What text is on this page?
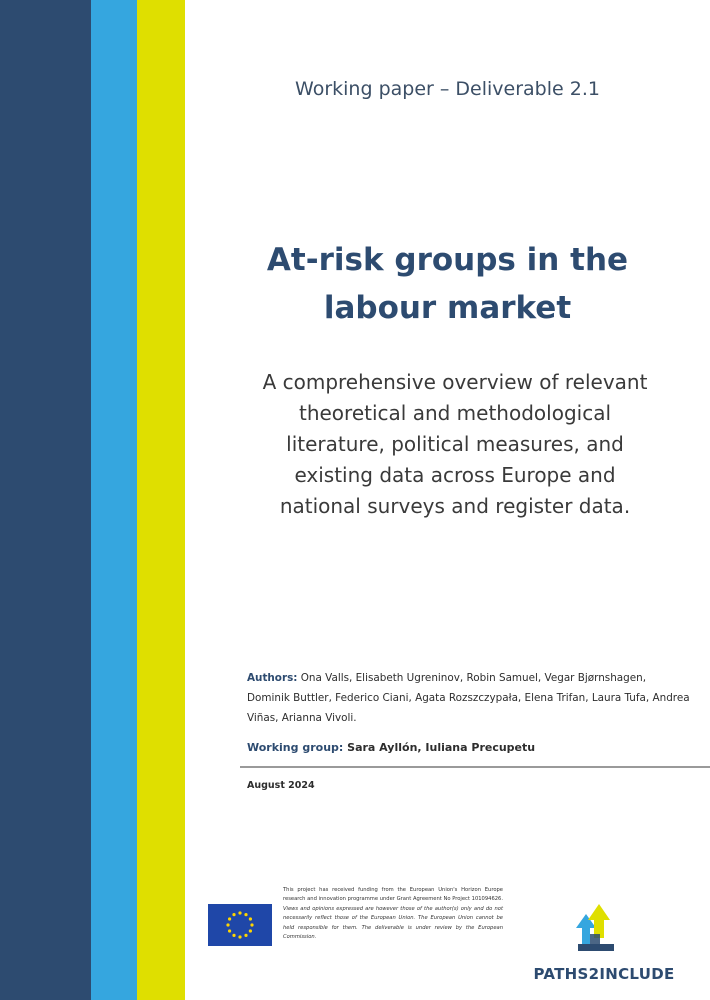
Working paper – Deliverable 2.1
At-risk groups in the
labour market
A comprehensive overview of relevant
theoretical and methodological
literature, political measures, and
existing data across Europe and
national surveys and register data.
Authors: Ona Valls, Elisabeth Ugreninov, Robin Samuel, Vegar Bjørnshagen, Dominik Buttler, Federico Ciani, Agata Rozszczypała, Elena Trifan, Laura Tufa, Andrea Viñas, Arianna Vivoli.
Working group: Sara Ayllón, Iuliana Precupetu
August 2024
This project has received funding from the European Union's Horizon Europe research and innovation programme under Grant Agreement No Project 101094626. Views and opinions expressed are however those of the author(s) only and do not necessarily reflect those of the European Union. The European Union cannot be held responsible for them. The deliverable is under review by the European Commission.
PATHS2INCLUDE
